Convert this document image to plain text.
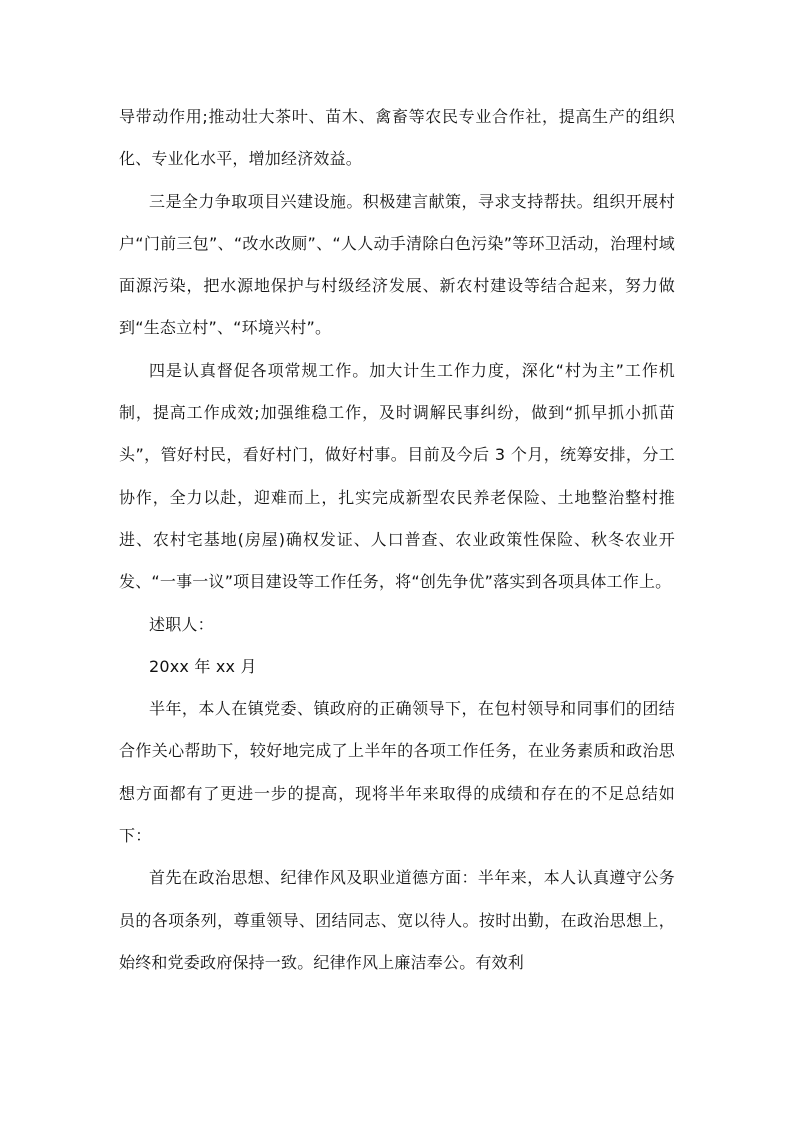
导带动作用;推动壮大茶叶、苗木、禽畜等农民专业合作社，提高生产的组织化、专业化水平，增加经济效益。

三是全力争取项目兴建设施。积极建言献策，寻求支持帮扶。组织开展村户“门前三包”、“改水改厕”、“人人动手清除白色污染”等环卫活动，治理村域面源污染，把水源地保护与村级经济发展、新农村建设等结合起来，努力做到“生态立村”、“环境兴村”。

四是认真督促各项常规工作。加大计生工作力度，深化“村为主”工作机制，提高工作成效;加强维稳工作，及时调解民事纠纷，做到“抓早抓小抓苗头”，管好村民，看好村门，做好村事。目前及今后 3 个月，统筹安排，分工协作，全力以赴，迎难而上，扎实完成新型农民养老保险、土地整治整村推进、农村宅基地(房屋)确权发证、人口普查、农业政策性保险、秋冬农业开发、“一事一议”项目建设等工作任务，将“创先争优”落实到各项具体工作上。

述职人：

20xx 年 xx 月

半年，本人在镇党委、镇政府的正确领导下，在包村领导和同事们的团结合作关心帮助下，较好地完成了上半年的各项工作任务，在业务素质和政治思想方面都有了更进一步的提高，现将半年来取得的成绩和存在的不足总结如下：

首先在政治思想、纪律作风及职业道德方面：半年来，本人认真遵守公务员的各项条列，尊重领导、团结同志、宽以待人。按时出勤，在政治思想上，始终和党委政府保持一致。纪律作风上廉洁奉公。有效利
